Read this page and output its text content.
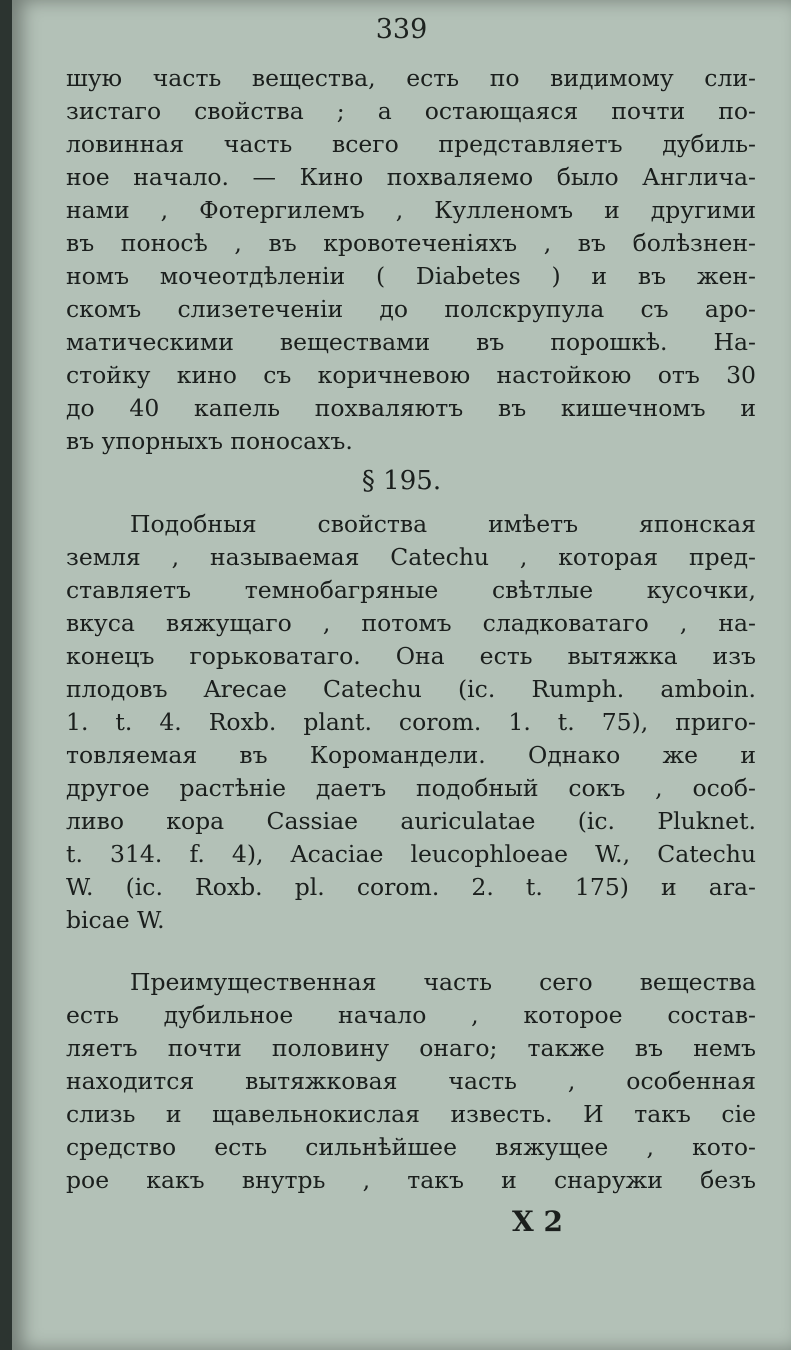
339
шую часть вещества, есть по видимому сли-
зистаго свойства ; а остающаяся почти по-
ловинная часть всего представляетъ дубиль-
ное начало. — Кино похваляемо было Англича-
нами , Фотергилемъ , Кулленомъ и другими
въ поносѣ , въ кровотеченiяхъ , въ болѣзнен-
номъ мочеотдѣленiи ( Diabetes ) и въ жен-
скомъ слизетеченiи до полскрупула съ аро-
матическими веществами въ порошкѣ. На-
стойку кино съ коричневою настойкою отъ 30
до 40 капель похваляютъ въ кишечномъ и
въ упорныхъ поносахъ.
§ 195.
Подобныя свойства имѣетъ японская
земля , называемая Catechu , которая пред-
ставляетъ темнобагряные свѣтлые кусочки,
вкуса вяжущаго , потомъ сладковатаго , на-
конецъ горьковатаго. Она есть вытяжка изъ
плодовъ Arecae Catechu (ic. Rumph. amboin.
1. t. 4. Roxb. plant. corom. 1. t. 75), приго-
товляемая въ Коромандели. Однако же и
другое растѣнiе даетъ подобный сокъ , особ-
ливо кора Cassiae auriculatae (ic. Pluknet.
t. 314. f. 4), Acaciae leucophloeae W., Catechu
W. (ic. Roxb. pl. corom. 2. t. 175) и ara-
bicae W.
Преимущественная часть сего вещества
есть дубильное начало , которое состав-
ляетъ почти половину онаго; также въ немъ
находится вытяжковая часть , особенная
слизь и щавельнокислая известь. И такъ сiе
средство есть сильнѣйшее вяжущее , кото-
рое какъ внутрь , такъ и снаружи безъ
X 2
